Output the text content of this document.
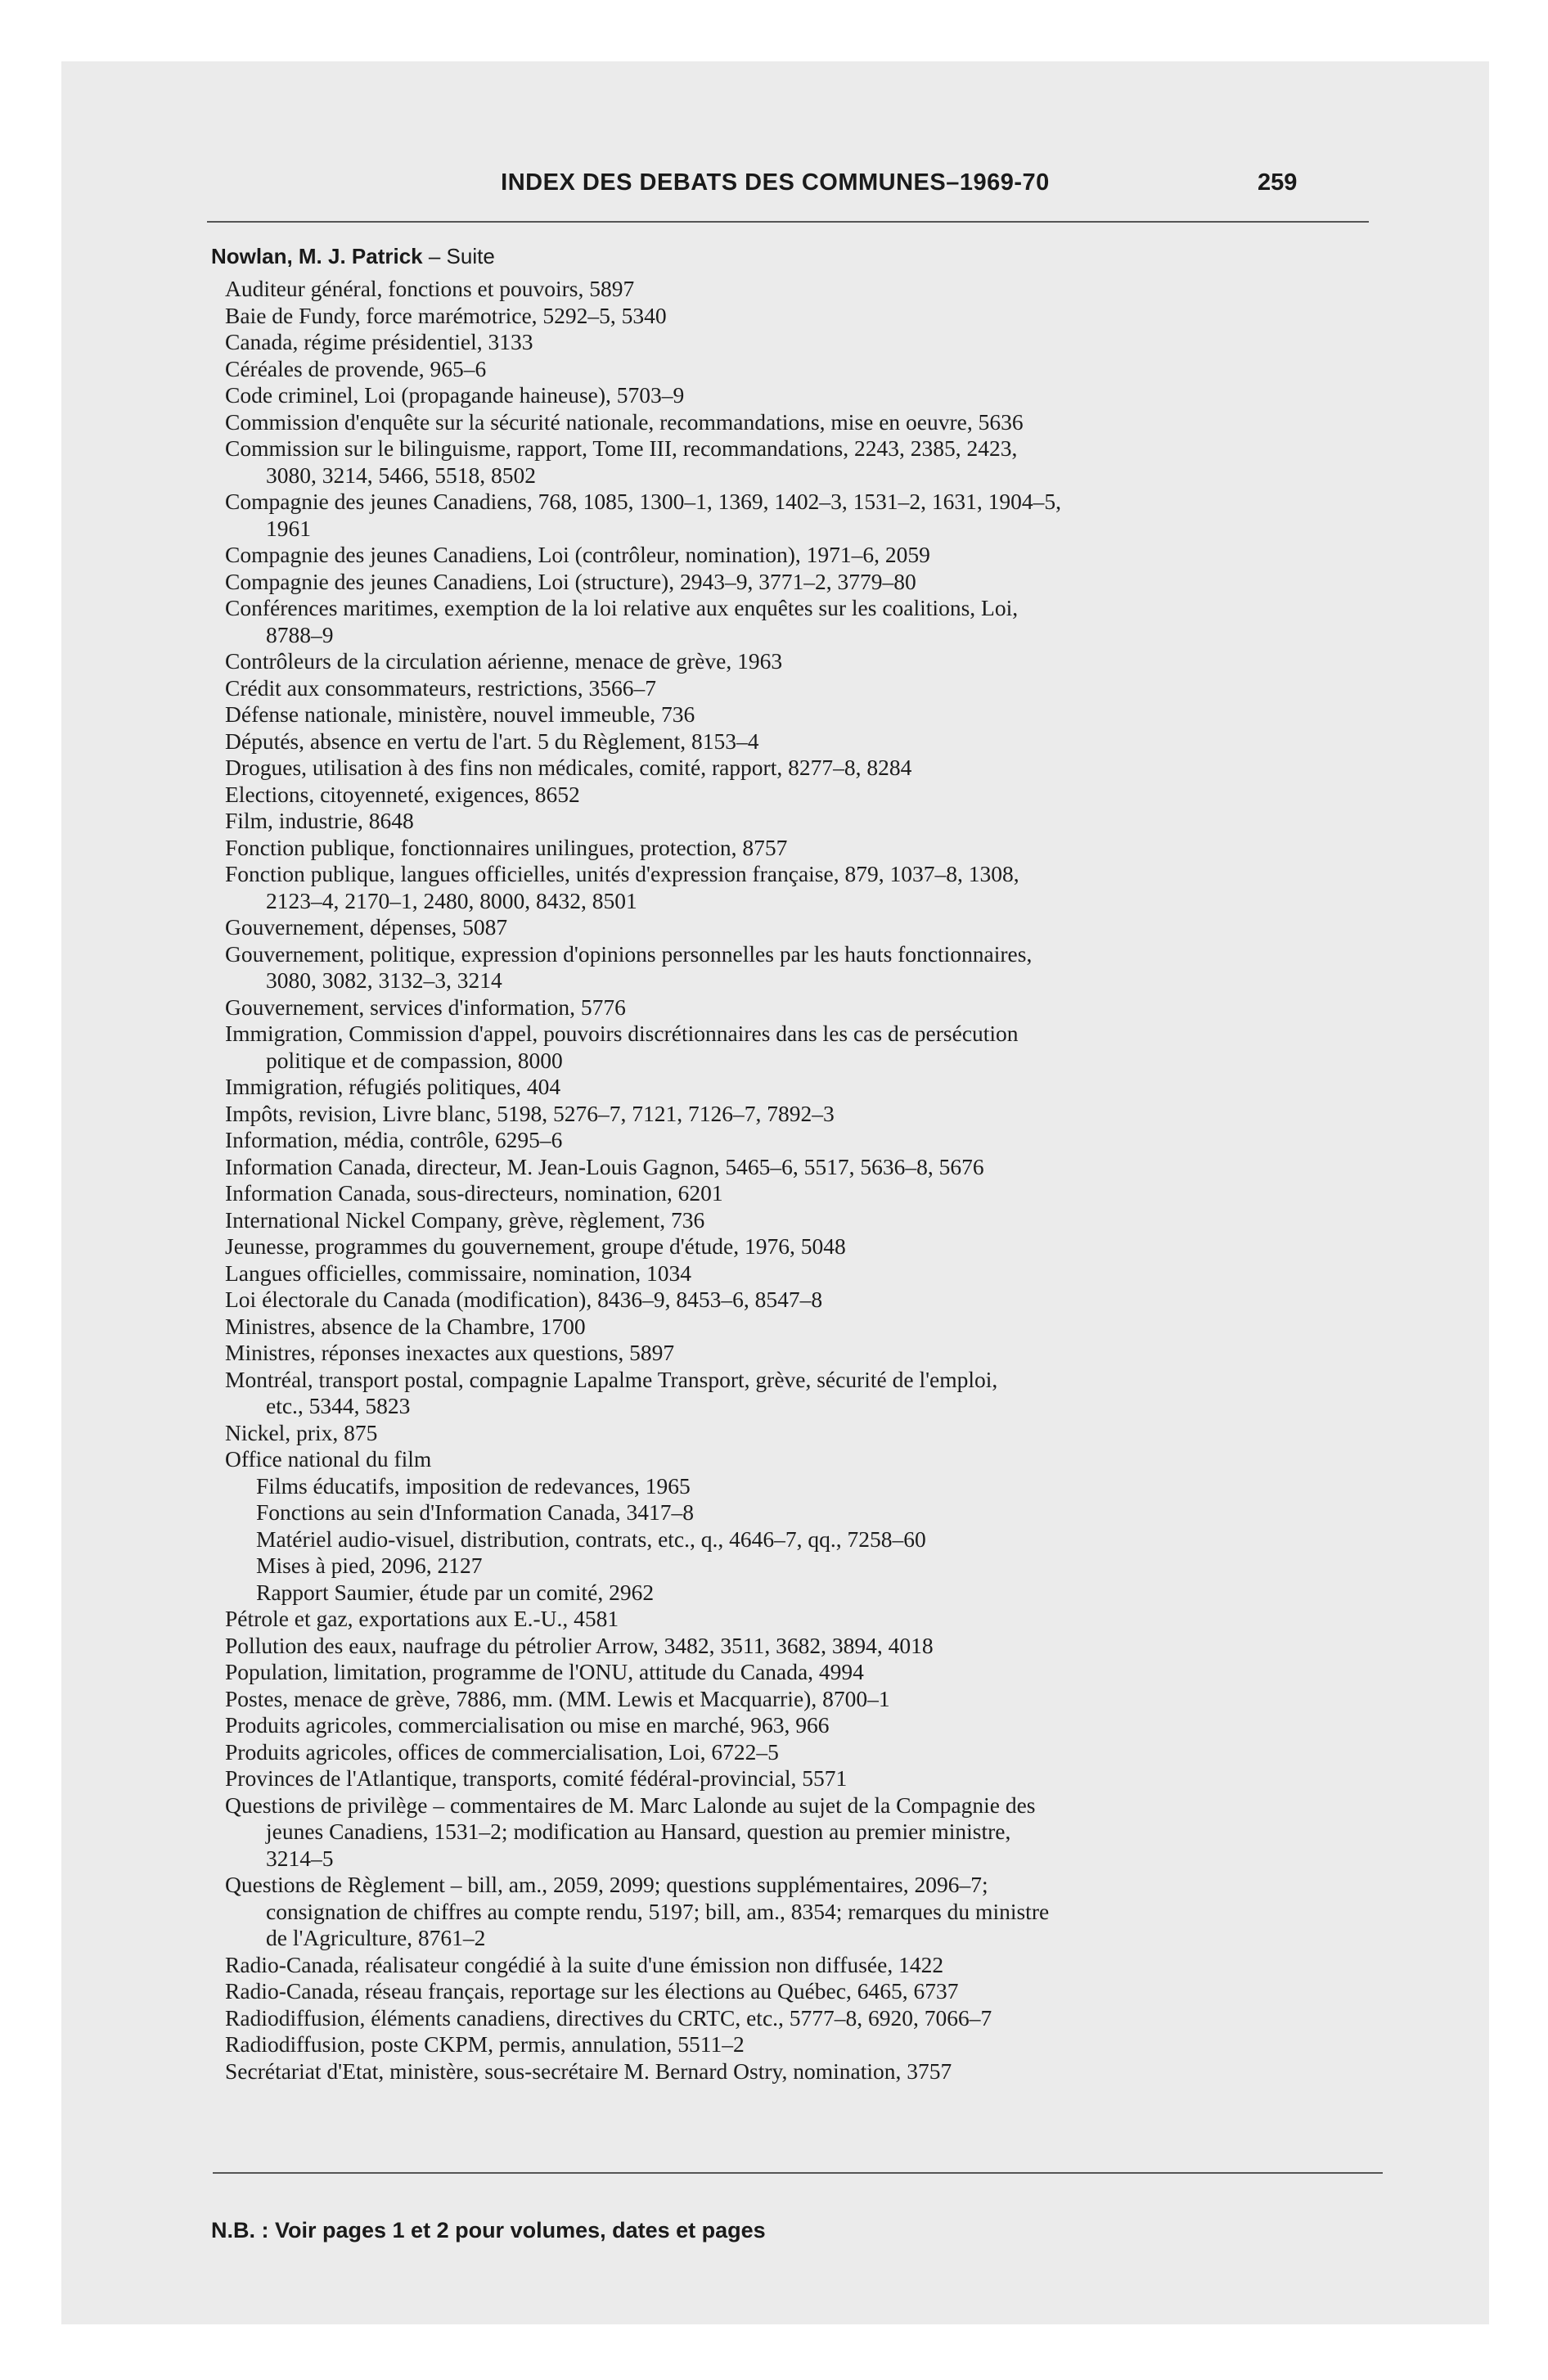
INDEX DES DEBATS DES COMMUNES–1969-70	259
Nowlan, M. J. Patrick – Suite
Auditeur général, fonctions et pouvoirs, 5897
Baie de Fundy, force marémotrice, 5292–5, 5340
Canada, régime présidentiel, 3133
Céréales de provende, 965–6
Code criminel, Loi (propagande haineuse), 5703–9
Commission d'enquête sur la sécurité nationale, recommandations, mise en oeuvre, 5636
Commission sur le bilinguisme, rapport, Tome III, recommandations, 2243, 2385, 2423,
3080, 3214, 5466, 5518, 8502
Compagnie des jeunes Canadiens, 768, 1085, 1300–1, 1369, 1402–3, 1531–2, 1631, 1904–5,
1961
Compagnie des jeunes Canadiens, Loi (contrôleur, nomination), 1971–6, 2059
Compagnie des jeunes Canadiens, Loi (structure), 2943–9, 3771–2, 3779–80
Conférences maritimes, exemption de la loi relative aux enquêtes sur les coalitions, Loi,
8788–9
Contrôleurs de la circulation aérienne, menace de grève, 1963
Crédit aux consommateurs, restrictions, 3566–7
Défense nationale, ministère, nouvel immeuble, 736
Députés, absence en vertu de l'art. 5 du Règlement, 8153–4
Drogues, utilisation à des fins non médicales, comité, rapport, 8277–8, 8284
Elections, citoyenneté, exigences, 8652
Film, industrie, 8648
Fonction publique, fonctionnaires unilingues, protection, 8757
Fonction publique, langues officielles, unités d'expression française, 879, 1037–8, 1308,
2123–4, 2170–1, 2480, 8000, 8432, 8501
Gouvernement, dépenses, 5087
Gouvernement, politique, expression d'opinions personnelles par les hauts fonctionnaires,
3080, 3082, 3132–3, 3214
Gouvernement, services d'information, 5776
Immigration, Commission d'appel, pouvoirs discrétionnaires dans les cas de persécution
politique et de compassion, 8000
Immigration, réfugiés politiques, 404
Impôts, revision, Livre blanc, 5198, 5276–7, 7121, 7126–7, 7892–3
Information, média, contrôle, 6295–6
Information Canada, directeur, M. Jean-Louis Gagnon, 5465–6, 5517, 5636–8, 5676
Information Canada, sous-directeurs, nomination, 6201
International Nickel Company, grève, règlement, 736
Jeunesse, programmes du gouvernement, groupe d'étude, 1976, 5048
Langues officielles, commissaire, nomination, 1034
Loi électorale du Canada (modification), 8436–9, 8453–6, 8547–8
Ministres, absence de la Chambre, 1700
Ministres, réponses inexactes aux questions, 5897
Montréal, transport postal, compagnie Lapalme Transport, grève, sécurité de l'emploi,
etc., 5344, 5823
Nickel, prix, 875
Office national du film
Films éducatifs, imposition de redevances, 1965
Fonctions au sein d'Information Canada, 3417–8
Matériel audio-visuel, distribution, contrats, etc., q., 4646–7, qq., 7258–60
Mises à pied, 2096, 2127
Rapport Saumier, étude par un comité, 2962
Pétrole et gaz, exportations aux E.-U., 4581
Pollution des eaux, naufrage du pétrolier Arrow, 3482, 3511, 3682, 3894, 4018
Population, limitation, programme de l'ONU, attitude du Canada, 4994
Postes, menace de grève, 7886, mm. (MM. Lewis et Macquarrie), 8700–1
Produits agricoles, commercialisation ou mise en marché, 963, 966
Produits agricoles, offices de commercialisation, Loi, 6722–5
Provinces de l'Atlantique, transports, comité fédéral-provincial, 5571
Questions de privilège – commentaires de M. Marc Lalonde au sujet de la Compagnie des
jeunes Canadiens, 1531–2; modification au Hansard, question au premier ministre,
3214–5
Questions de Règlement – bill, am., 2059, 2099; questions supplémentaires, 2096–7;
consignation de chiffres au compte rendu, 5197; bill, am., 8354; remarques du ministre
de l'Agriculture, 8761–2
Radio-Canada, réalisateur congédié à la suite d'une émission non diffusée, 1422
Radio-Canada, réseau français, reportage sur les élections au Québec, 6465, 6737
Radiodiffusion, éléments canadiens, directives du CRTC, etc., 5777–8, 6920, 7066–7
Radiodiffusion, poste CKPM, permis, annulation, 5511–2
Secrétariat d'Etat, ministère, sous-secrétaire M. Bernard Ostry, nomination, 3757
N.B. : Voir pages 1 et 2 pour volumes, dates et pages
